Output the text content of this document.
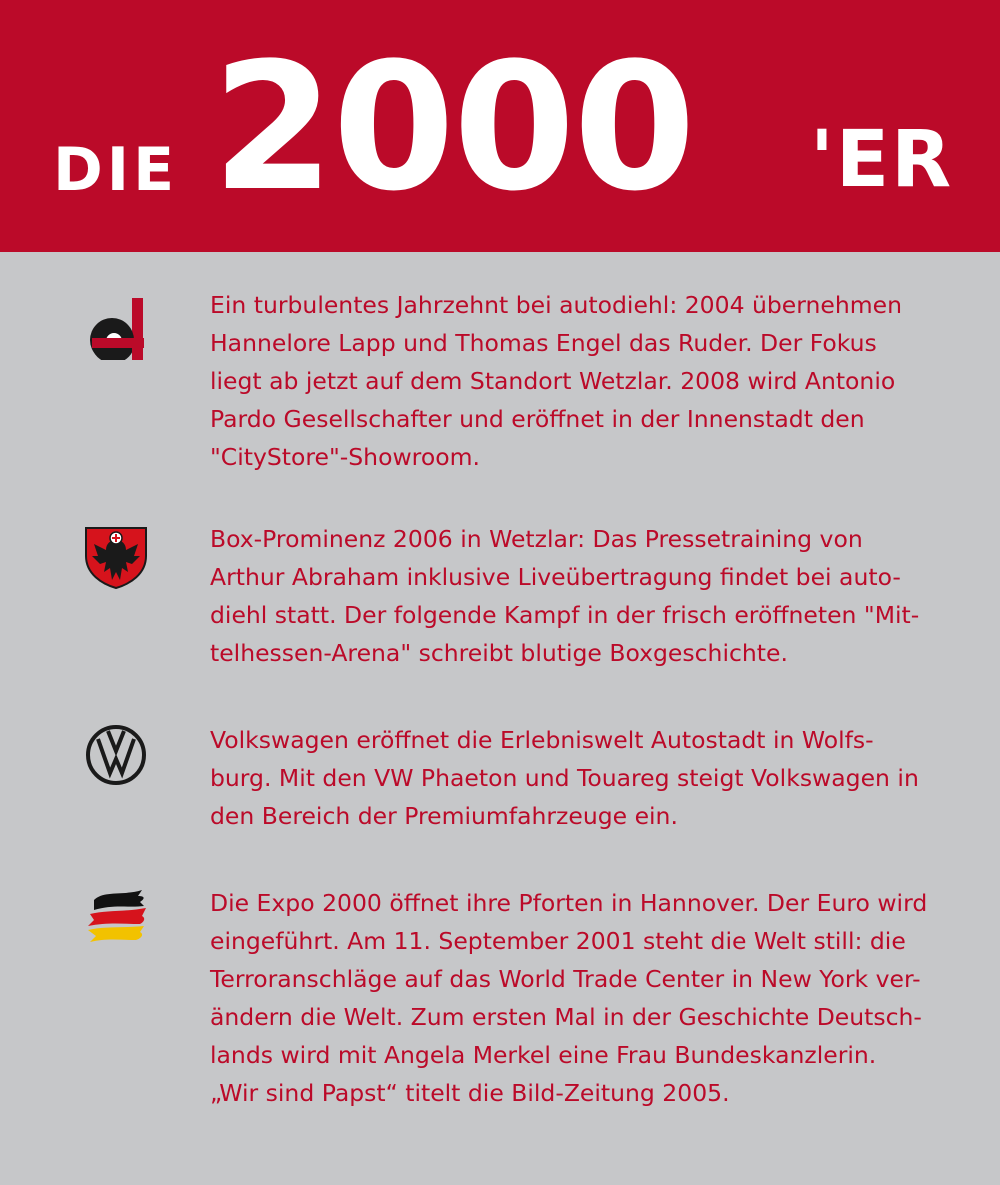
DIE 2000 'ER

Ein turbulentes Jahrzehnt bei autodiehl: 2004 übernehmen
Hannelore Lapp und Thomas Engel das Ruder. Der Fokus
liegt ab jetzt auf dem Standort Wetzlar. 2008 wird Antonio
Pardo Gesellschafter und eröffnet in der Innenstadt den
"CityStore"-Showroom.

Box-Prominenz 2006 in Wetzlar: Das Pressetraining von
Arthur Abraham inklusive Liveübertragung findet bei auto-
diehl statt. Der folgende Kampf in der frisch eröffneten "Mit-
telhessen-Arena" schreibt blutige Boxgeschichte.

Volkswagen eröffnet die Erlebniswelt Autostadt in Wolfs-
burg. Mit den VW Phaeton und Touareg steigt Volkswagen in
den Bereich der Premiumfahrzeuge ein.

Die Expo 2000 öffnet ihre Pforten in Hannover. Der Euro wird
eingeführt. Am 11. September 2001 steht die Welt still: die
Terroranschläge auf das World Trade Center in New York ver-
ändern die Welt. Zum ersten Mal in der Geschichte Deutsch-
lands wird mit Angela Merkel eine Frau Bundeskanzlerin.
„Wir sind Papst“ titelt die Bild-Zeitung 2005.
